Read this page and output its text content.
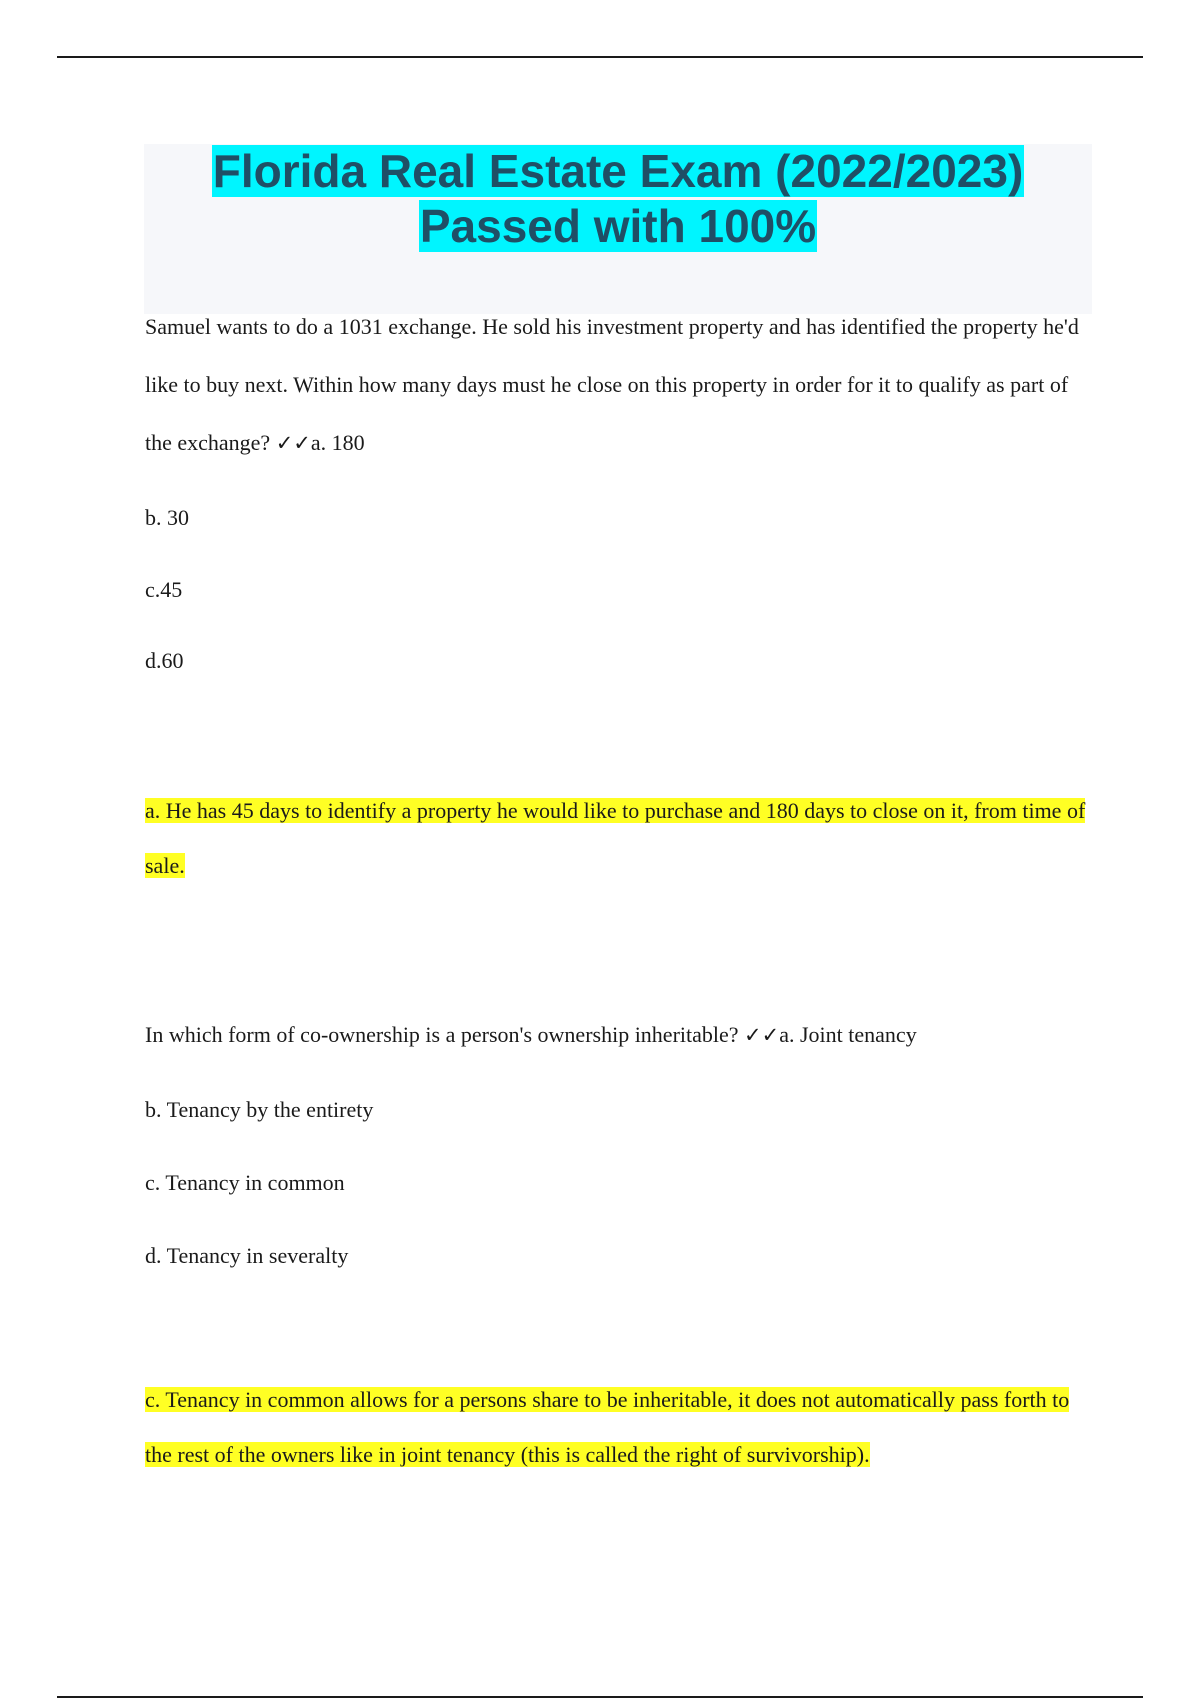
Florida Real Estate Exam (2022/2023)
Passed with 100%

Samuel wants to do a 1031 exchange. He sold his investment property and has identified the property he'd like to buy next. Within how many days must he close on this property in order for it to qualify as part of the exchange? ✓✓a. 180

b. 30

c.45

d.60

a. He has 45 days to identify a property he would like to purchase and 180 days to close on it, from time of sale.

In which form of co-ownership is a person's ownership inheritable? ✓✓a. Joint tenancy

b. Tenancy by the entirety

c. Tenancy in common

d. Tenancy in severalty

c. Tenancy in common allows for a persons share to be inheritable, it does not automatically pass forth to the rest of the owners like in joint tenancy (this is called the right of survivorship).
